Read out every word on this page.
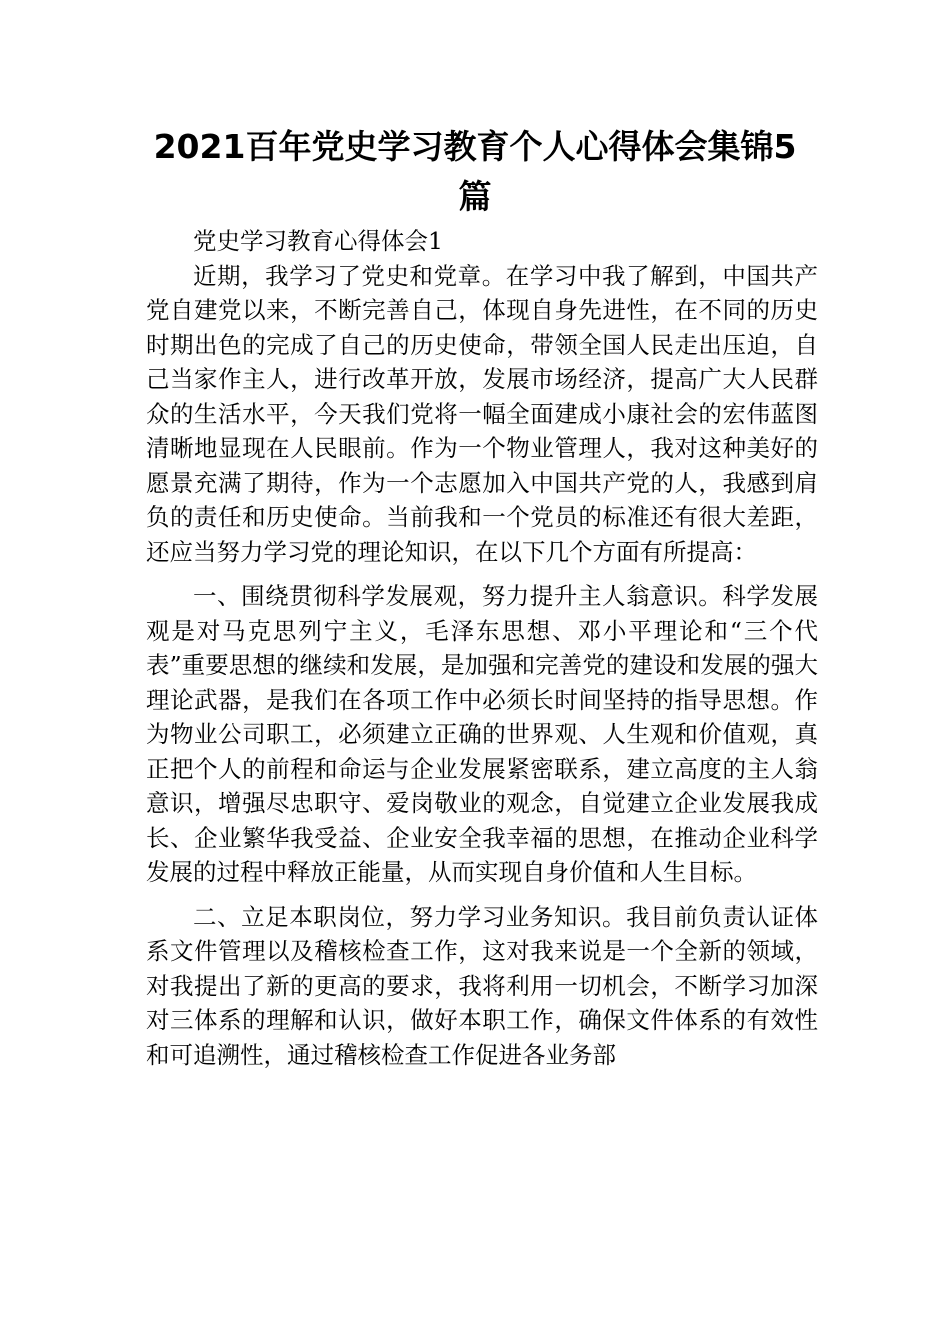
2021百年党史学习教育个人心得体会集锦5篇

党史学习教育心得体会1

近期，我学习了党史和党章。在学习中我了解到，中国共产党自建党以来，不断完善自己，体现自身先进性，在不同的历史时期出色的完成了自己的历史使命，带领全国人民走出压迫，自己当家作主人，进行改革开放，发展市场经济，提高广大人民群众的生活水平，今天我们党将一幅全面建成小康社会的宏伟蓝图清晰地显现在人民眼前。作为一个物业管理人，我对这种美好的愿景充满了期待，作为一个志愿加入中国共产党的人，我感到肩负的责任和历史使命。当前我和一个党员的标准还有很大差距，还应当努力学习党的理论知识，在以下几个方面有所提高：

一、围绕贯彻科学发展观，努力提升主人翁意识。科学发展观是对马克思列宁主义，毛泽东思想、邓小平理论和“三个代表”重要思想的继续和发展，是加强和完善党的建设和发展的强大理论武器，是我们在各项工作中必须长时间坚持的指导思想。作为物业公司职工，必须建立正确的世界观、人生观和价值观，真正把个人的前程和命运与企业发展紧密联系，建立高度的主人翁意识，增强尽忠职守、爱岗敬业的观念，自觉建立企业发展我成长、企业繁华我受益、企业安全我幸福的思想，在推动企业科学发展的过程中释放正能量，从而实现自身价值和人生目标。

二、立足本职岗位，努力学习业务知识。我目前负责认证体系文件管理以及稽核检查工作，这对我来说是一个全新的领域，对我提出了新的更高的要求，我将利用一切机会，不断学习加深对三体系的理解和认识，做好本职工作，确保文件体系的有效性和可追溯性，通过稽核检查工作促进各业务部
